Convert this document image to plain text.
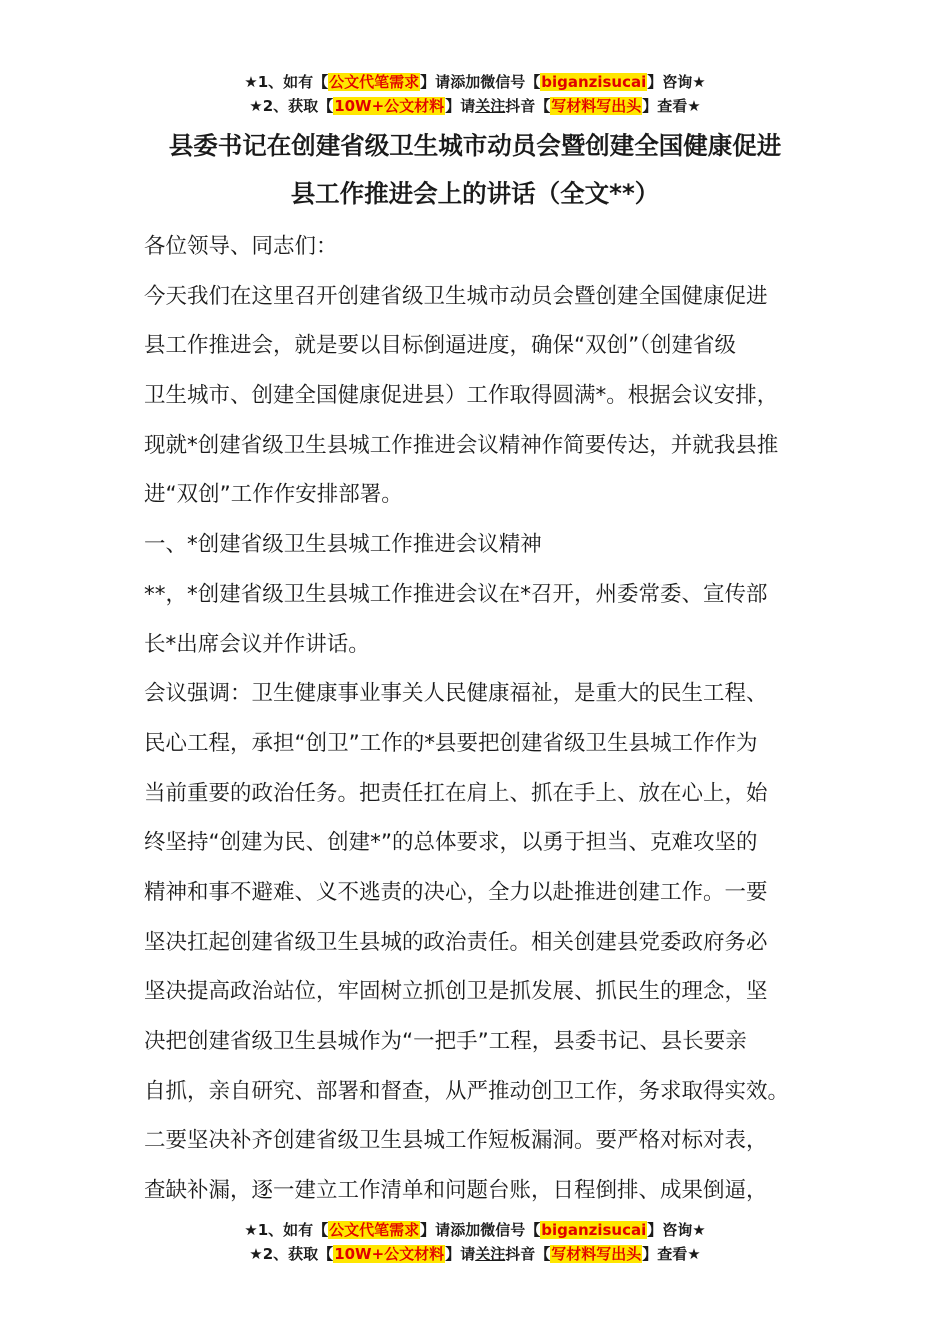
★1、如有【公文代笔需求】请添加微信号【biganzisucai】咨询★
★2、获取【10W+公文材料】请关注抖音【写材料写出头】查看★
县委书记在创建省级卫生城市动员会暨创建全国健康促进
县工作推进会上的讲话（全文**）
各位领导、同志们：
今天我们在这里召开创建省级卫生城市动员会暨创建全国健康促进
县工作推进会，就是要以目标倒逼进度，确保“双创”（创建省级
卫生城市、创建全国健康促进县）工作取得圆满*。根据会议安排，
现就*创建省级卫生县城工作推进会议精神作简要传达，并就我县推
进“双创”工作作安排部署。
一、*创建省级卫生县城工作推进会议精神
**，*创建省级卫生县城工作推进会议在*召开，州委常委、宣传部
长*出席会议并作讲话。
会议强调：卫生健康事业事关人民健康福祉，是重大的民生工程、
民心工程，承担“创卫”工作的*县要把创建省级卫生县城工作作为
当前重要的政治任务。把责任扛在肩上、抓在手上、放在心上，始
终坚持“创建为民、创建*”的总体要求，以勇于担当、克难攻坚的
精神和事不避难、义不逃责的决心，全力以赴推进创建工作。一要
坚决扛起创建省级卫生县城的政治责任。相关创建县党委政府务必
坚决提高政治站位，牢固树立抓创卫是抓发展、抓民生的理念，坚
决把创建省级卫生县城作为“一把手”工程，县委书记、县长要亲
自抓，亲自研究、部署和督查，从严推动创卫工作，务求取得实效。
二要坚决补齐创建省级卫生县城工作短板漏洞。要严格对标对表，
查缺补漏，逐一建立工作清单和问题台账，日程倒排、成果倒逼，
★1、如有【公文代笔需求】请添加微信号【biganzisucai】咨询★
★2、获取【10W+公文材料】请关注抖音【写材料写出头】查看★
